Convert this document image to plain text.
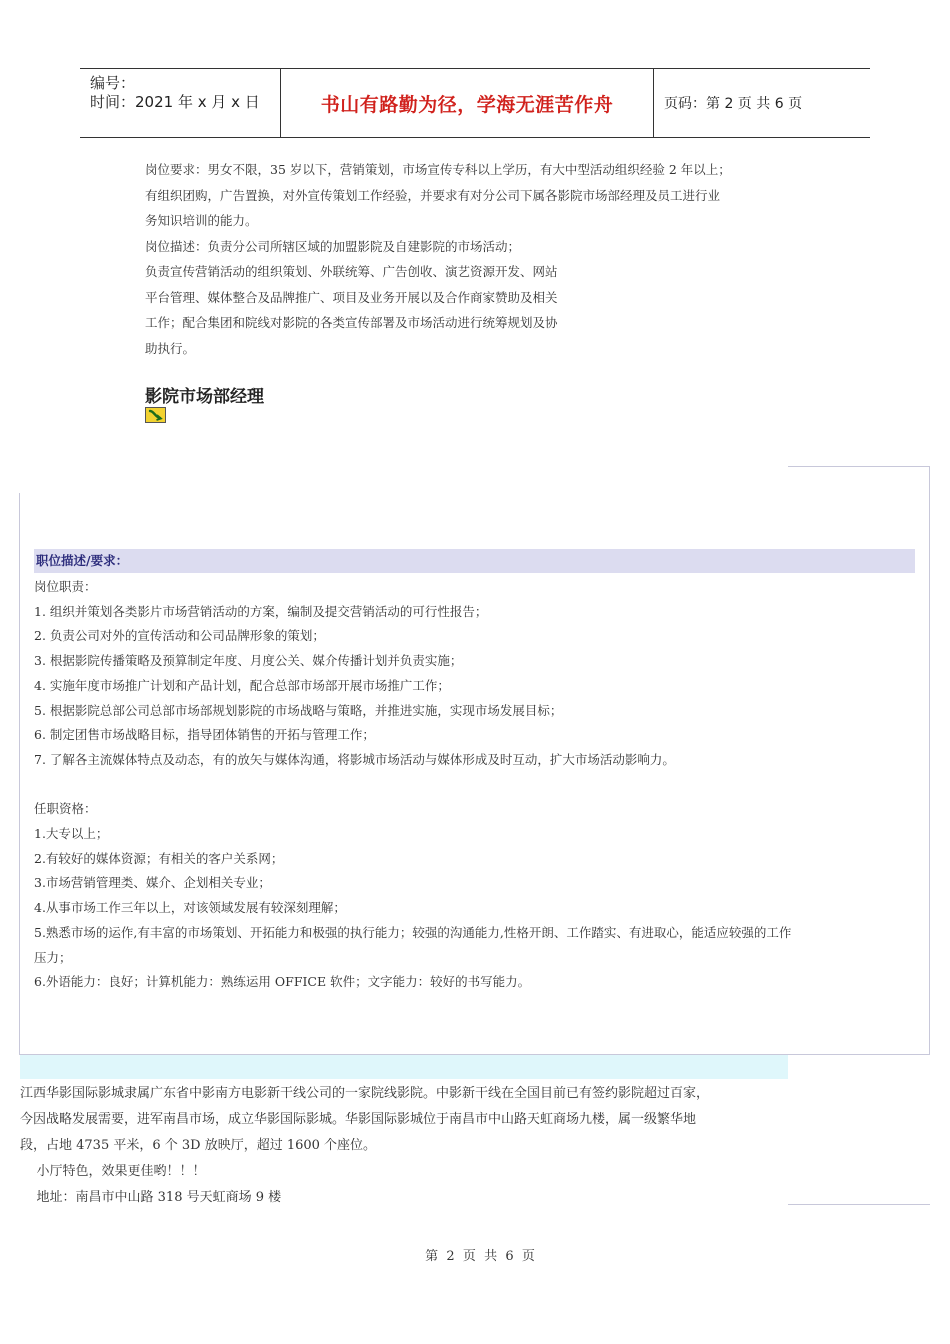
编号：
时间：2021 年 x 月 x 日	书山有路勤为径，学海无涯苦作舟	页码：第 2 页 共 6 页

岗位要求：男女不限，35 岁以下，营销策划，市场宣传专科以上学历，有大中型活动组织经验 2 年以上；

有组织团购，广告置换，对外宣传策划工作经验，并要求有对分公司下属各影院市场部经理及员工进行业

务知识培训的能力。

岗位描述：负责分公司所辖区域的加盟影院及自建影院的市场活动；

负责宣传营销活动的组织策划、外联统筹、广告创收、演艺资源开发、网站

平台管理、媒体整合及品牌推广、项目及业务开展以及合作商家赞助及相关

工作；配合集团和院线对影院的各类宣传部署及市场活动进行统筹规划及协

助执行。

影院市场部经理
职位描述/要求：

岗位职责：

1. 组织并策划各类影片市场营销活动的方案，编制及提交营销活动的可行性报告；

2. 负责公司对外的宣传活动和公司品牌形象的策划；

3. 根据影院传播策略及预算制定年度、月度公关、媒介传播计划并负责实施；

4. 实施年度市场推广计划和产品计划，配合总部市场部开展市场推广工作；

5. 根据影院总部公司总部市场部规划影院的市场战略与策略，并推进实施，实现市场发展目标；

6. 制定团售市场战略目标，指导团体销售的开拓与管理工作；

7. 了解各主流媒体特点及动态，有的放矢与媒体沟通，将影城市场活动与媒体形成及时互动，扩大市场活动影响力。

任职资格：

1.大专以上；

2.有较好的媒体资源；有相关的客户关系网；

3.市场营销管理类、媒介、企划相关专业；

4.从事市场工作三年以上，对该领域发展有较深刻理解；

5.熟悉市场的运作,有丰富的市场策划、开拓能力和极强的执行能力；较强的沟通能力,性格开朗、工作踏实、有进取心，能适应较强的工作

压力；

6.外语能力：良好；计算机能力：熟练运用 OFFICE 软件；文字能力：较好的书写能力。

江西华影国际影城隶属广东省中影南方电影新干线公司的一家院线影院。中影新干线在全国目前已有签约影院超过百家，

今因战略发展需要，进军南昌市场，成立华影国际影城。华影国际影城位于南昌市中山路天虹商场九楼，属一级繁华地

段，占地 4735 平米，6 个 3D 放映厅，超过 1600 个座位。

小厅特色，效果更佳哟！！！

地址：南昌市中山路 318 号天虹商场 9 楼

第  2  页  共  6  页
